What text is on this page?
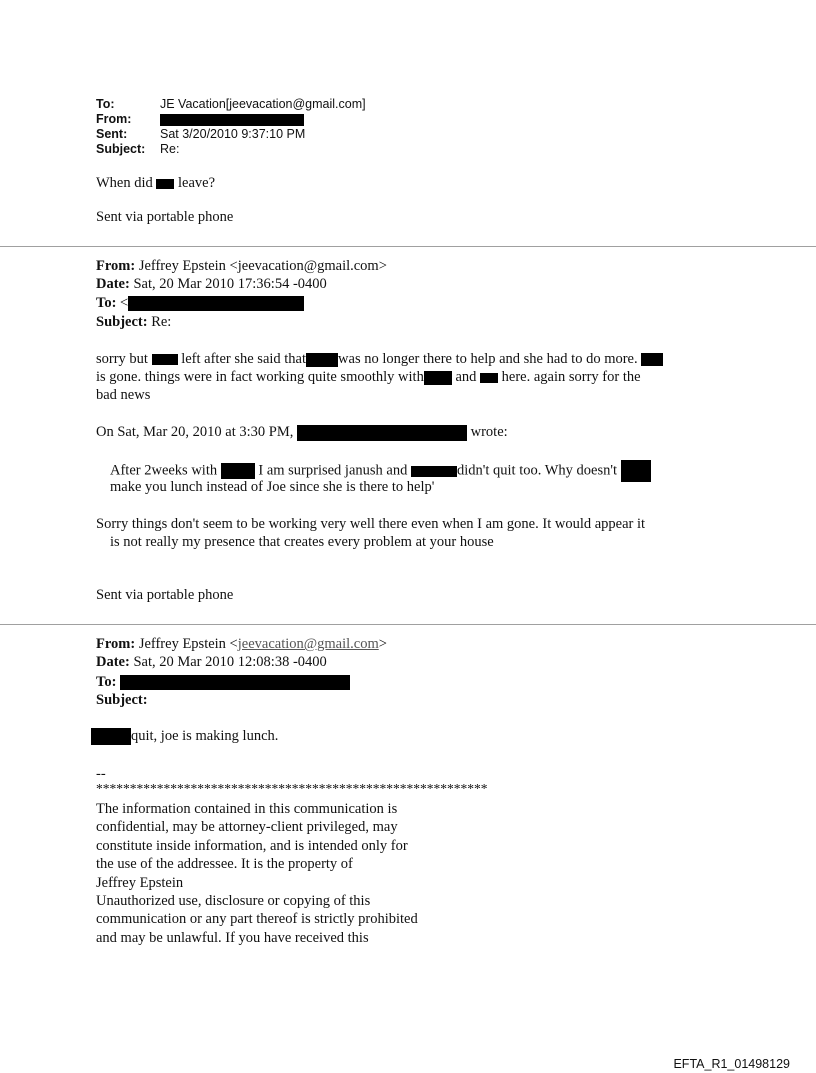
To:	JE Vacation[jeevacation@gmail.com]
From:
Sent:	Sat 3/20/2010 9:37:10 PM
Subject: Re:
When did leave?
Sent via portable phone
From: Jeffrey Epstein <jeevacation@gmail.com>
Date: Sat, 20 Mar 2010 17:36:54 -0400
To: <
Subject: Re:
sorry but left after she said that was no longer there to help and she had to do more.
is gone. things were in fact working quite smoothly with and here. again sorry for the
bad news
On Sat, Mar 20, 2010 at 3:30 PM,	wrote:
After 2weeks with	I am surprised janush and	didn't quit too. Why doesn't
make you lunch instead of Joe since she is there to help'
Sorry things don't seem to be working very well there even when I am gone. It would appear it
is not really my presence that creates every problem at your house
Sent via portable phone
From: Jeffrey Epstein <jeevacation@gmail.com>
Date: Sat, 20 Mar 2010 12:08:38 -0400
To:
Subject:
quit, joe is making lunch.
--
**********************************************************
The information contained in this communication is
confidential, may be attorney-client privileged, may
constitute inside information, and is intended only for
the use of the addressee. It is the property of
Jeffrey Epstein
Unauthorized use, disclosure or copying of this
communication or any part thereof is strictly prohibited
and may be unlawful. If you have received this
EFTA_R1_01498129
